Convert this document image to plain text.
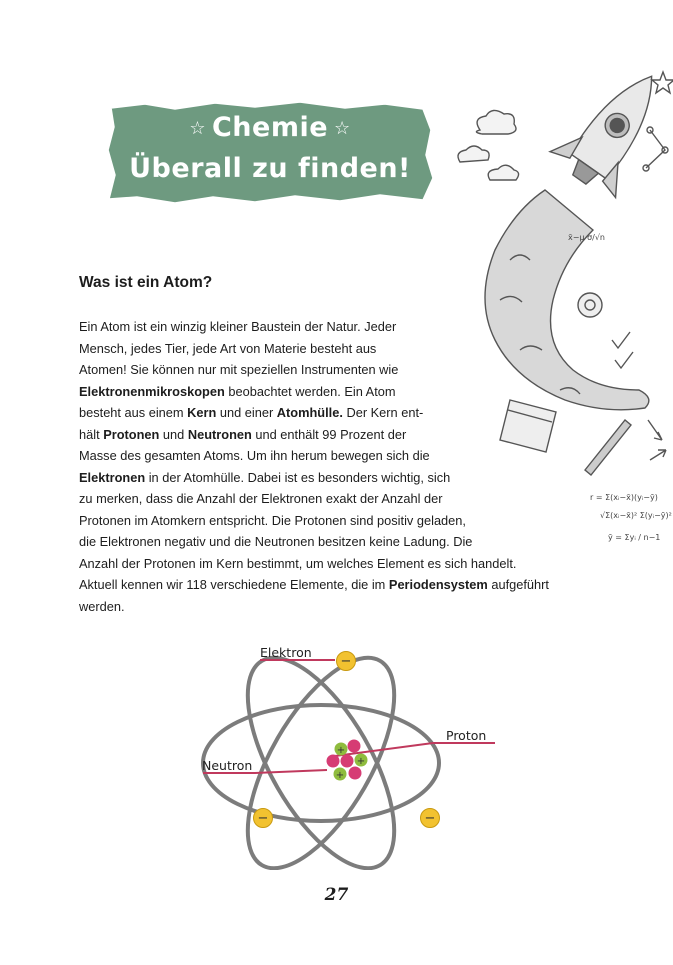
☆ Chemie ☆
Überall zu finden!
x̄−μ σ/√n
r = Σ(xᵢ−x̄)(yᵢ−ȳ)
√Σ(xᵢ−x̄)² Σ(yᵢ−ȳ)²
ȳ = Σyᵢ / n−1
Was ist ein Atom?
Ein Atom ist ein winzig kleiner Baustein der Natur. Jeder
Mensch, jedes Tier, jede Art von Materie besteht aus
Atomen! Sie können nur mit speziellen Instrumenten wie
Elektronenmikroskopen beobachtet werden. Ein Atom
besteht aus einem Kern und einer Atomhülle. Der Kern ent-
hält Protonen und Neutronen und enthält 99 Prozent der
Masse des gesamten Atoms. Um ihn herum bewegen sich die
Elektronen in der Atomhülle. Dabei ist es besonders wichtig, sich
zu merken, dass die Anzahl der Elektronen exakt der Anzahl der
Protonen im Atomkern entspricht. Die Protonen sind positiv geladen,
die Elektronen negativ und die Neutronen besitzen keine Ladung. Die
Anzahl der Protonen im Kern bestimmt, um welches Element es sich handelt.
Aktuell kennen wir 118 verschiedene Elemente, die im Periodensystem aufgeführt
werden.
Elektron
Proton
Neutron
+
+
+
−
−	−
27
